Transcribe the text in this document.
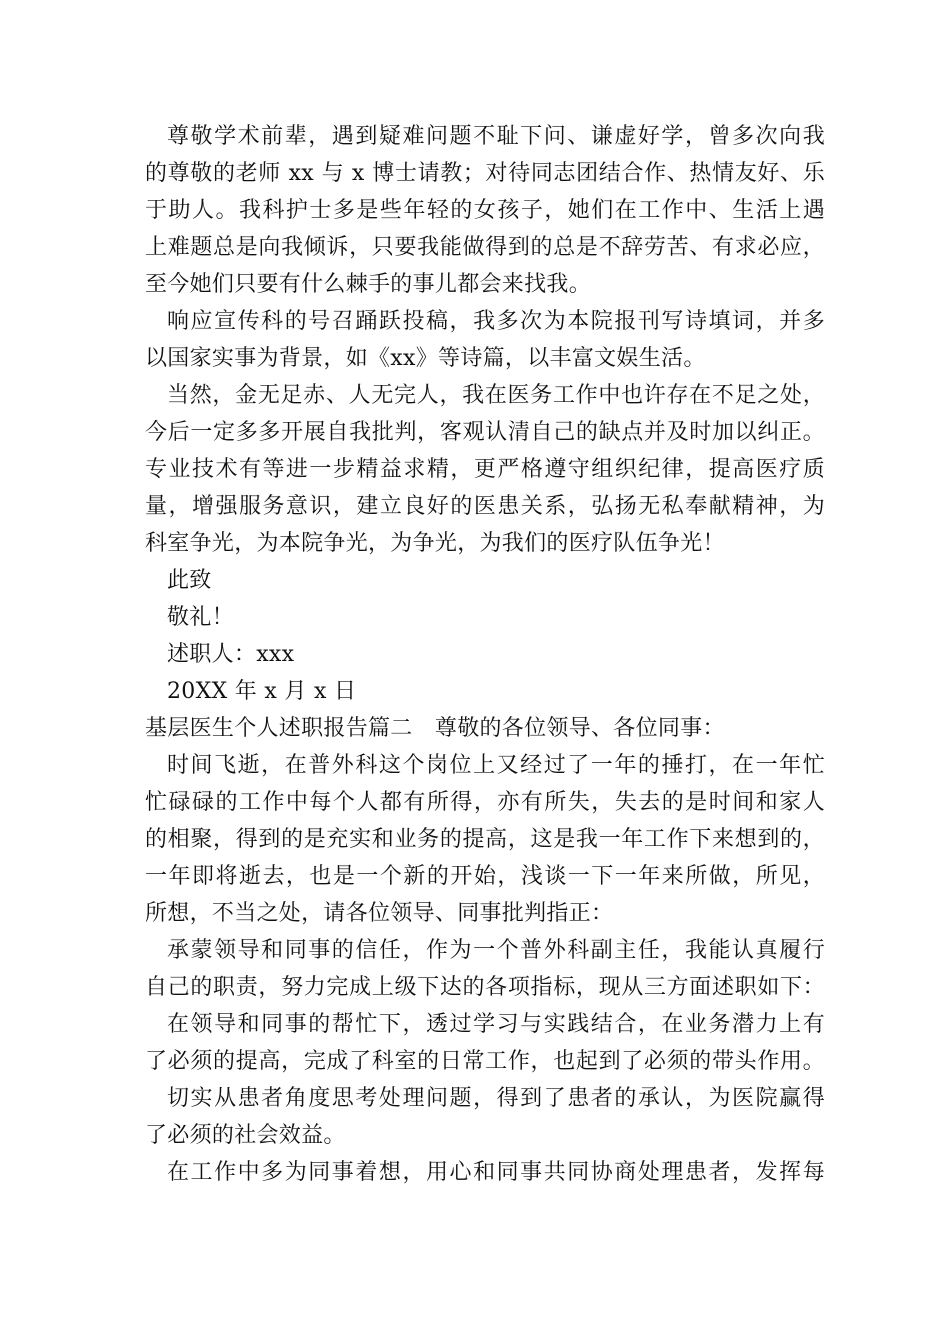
尊敬学术前辈，遇到疑难问题不耻下问、谦虚好学，曾多次向我
的尊敬的老师 xx 与 x 博士请教；对待同志团结合作、热情友好、乐
于助人。我科护士多是些年轻的女孩子，她们在工作中、生活上遇
上难题总是向我倾诉，只要我能做得到的总是不辞劳苦、有求必应，
至今她们只要有什么棘手的事儿都会来找我。
响应宣传科的号召踊跃投稿，我多次为本院报刊写诗填词，并多
以国家实事为背景，如《xx》等诗篇，以丰富文娱生活。
当然，金无足赤、人无完人，我在医务工作中也许存在不足之处，
今后一定多多开展自我批判，客观认清自己的缺点并及时加以纠正。
专业技术有等进一步精益求精，更严格遵守组织纪律，提高医疗质
量，增强服务意识，建立良好的医患关系，弘扬无私奉献精神，为
科室争光，为本院争光，为争光，为我们的医疗队伍争光！
此致
敬礼！
述职人：xxx
20XX 年 x 月 x 日
基层医生个人述职报告篇二　尊敬的各位领导、各位同事：
时间飞逝，在普外科这个岗位上又经过了一年的捶打，在一年忙
忙碌碌的工作中每个人都有所得，亦有所失，失去的是时间和家人
的相聚，得到的是充实和业务的提高，这是我一年工作下来想到的，
一年即将逝去，也是一个新的开始，浅谈一下一年来所做，所见，
所想，不当之处，请各位领导、同事批判指正：
承蒙领导和同事的信任，作为一个普外科副主任，我能认真履行
自己的职责，努力完成上级下达的各项指标，现从三方面述职如下：
在领导和同事的帮忙下，透过学习与实践结合，在业务潜力上有
了必须的提高，完成了科室的日常工作，也起到了必须的带头作用。
切实从患者角度思考处理问题，得到了患者的承认，为医院赢得
了必须的社会效益。
在工作中多为同事着想，用心和同事共同协商处理患者，发挥每
